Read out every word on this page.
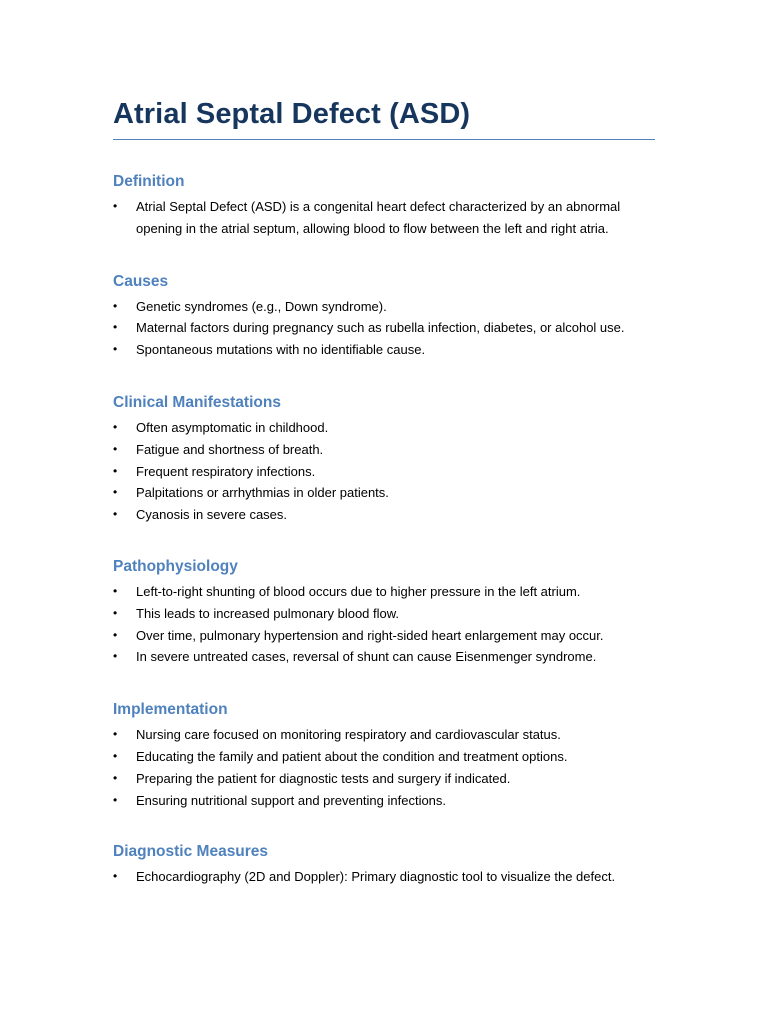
Atrial Septal Defect (ASD)
Definition
• Atrial Septal Defect (ASD) is a congenital heart defect characterized by an abnormal opening in the atrial septum, allowing blood to flow between the left and right atria.
Causes
• Genetic syndromes (e.g., Down syndrome).
• Maternal factors during pregnancy such as rubella infection, diabetes, or alcohol use.
• Spontaneous mutations with no identifiable cause.
Clinical Manifestations
• Often asymptomatic in childhood.
• Fatigue and shortness of breath.
• Frequent respiratory infections.
• Palpitations or arrhythmias in older patients.
• Cyanosis in severe cases.
Pathophysiology
• Left-to-right shunting of blood occurs due to higher pressure in the left atrium.
• This leads to increased pulmonary blood flow.
• Over time, pulmonary hypertension and right-sided heart enlargement may occur.
• In severe untreated cases, reversal of shunt can cause Eisenmenger syndrome.
Implementation
• Nursing care focused on monitoring respiratory and cardiovascular status.
• Educating the family and patient about the condition and treatment options.
• Preparing the patient for diagnostic tests and surgery if indicated.
• Ensuring nutritional support and preventing infections.
Diagnostic Measures
• Echocardiography (2D and Doppler): Primary diagnostic tool to visualize the defect.
